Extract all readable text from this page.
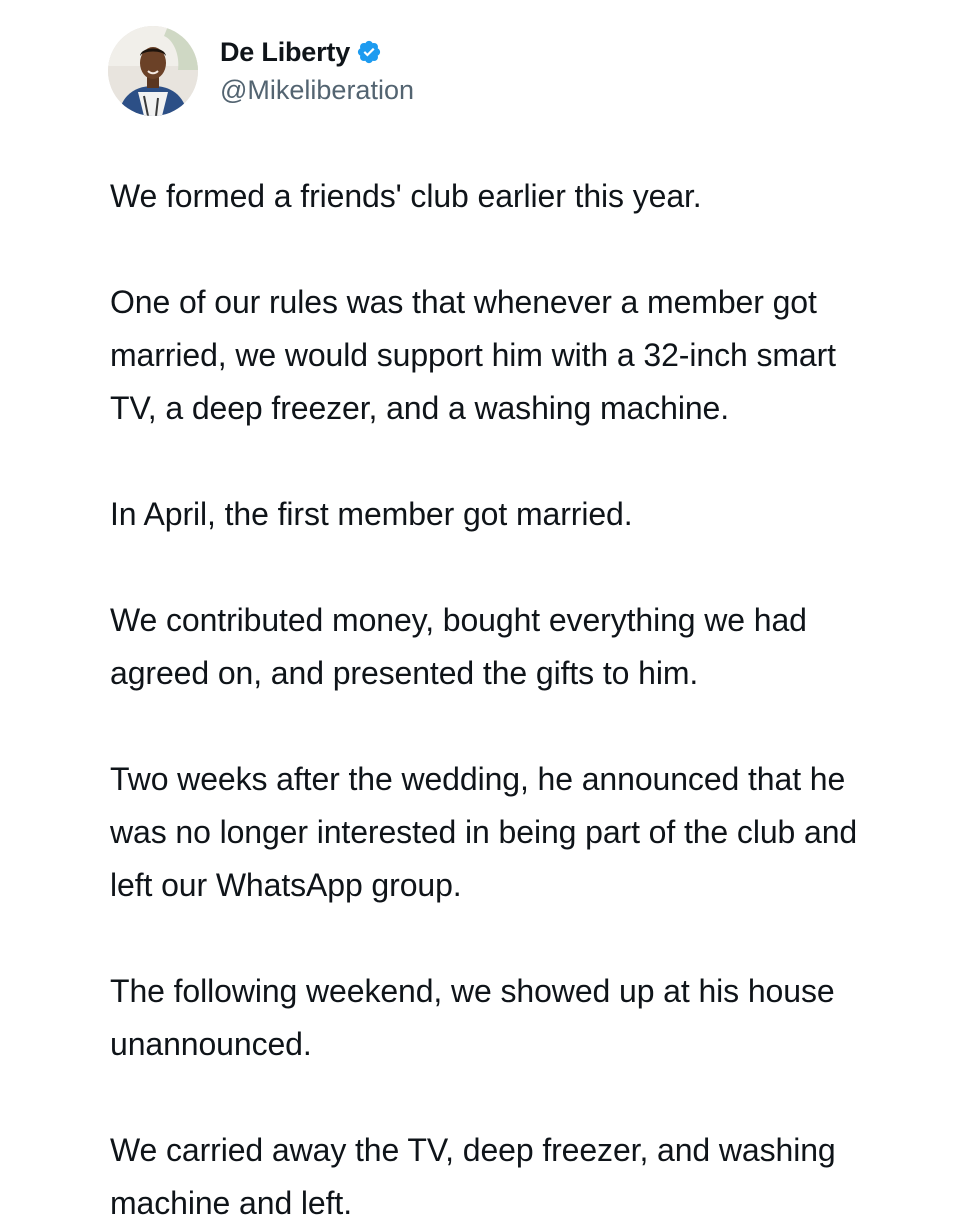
De Liberty
@Mikeliberation

We formed a friends' club earlier this year.

One of our rules was that whenever a member got married, we would support him with a 32-inch smart TV, a deep freezer, and a washing machine.

In April, the first member got married.

We contributed money, bought everything we had agreed on, and presented the gifts to him.

Two weeks after the wedding, he announced that he was no longer interested in being part of the club and left our WhatsApp group.

The following weekend, we showed up at his house unannounced.

We carried away the TV, deep freezer, and washing machine and left.
